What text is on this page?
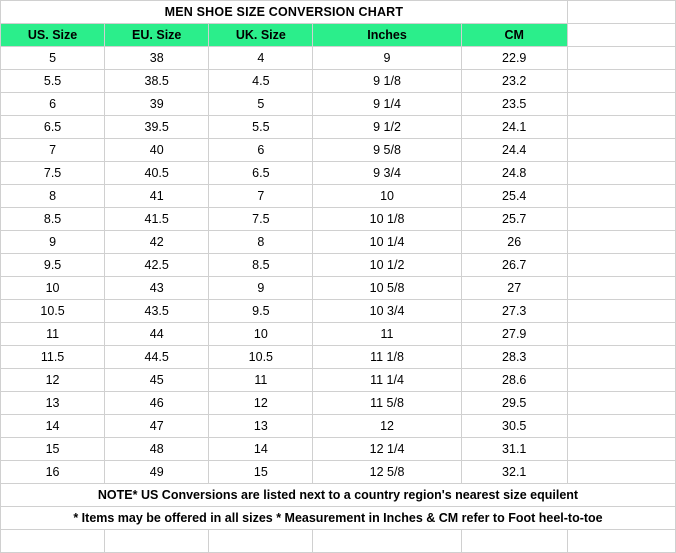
MEN SHOE SIZE CONVERSION CHART					
US. Size	EU. Size	UK. Size	Inches	CM	
5	38	4	9	22.9	
5.5	38.5	4.5	9 1/8	23.2	
6	39	5	9 1/4	23.5	
6.5	39.5	5.5	9 1/2	24.1	
7	40	6	9 5/8	24.4	
7.5	40.5	6.5	9 3/4	24.8	
8	41	7	10	25.4	
8.5	41.5	7.5	10 1/8	25.7	
9	42	8	10 1/4	26	
9.5	42.5	8.5	10 1/2	26.7	
10	43	9	10 5/8	27	
10.5	43.5	9.5	10 3/4	27.3	
11	44	10	11	27.9	
11.5	44.5	10.5	11 1/8	28.3	
12	45	11	11 1/4	28.6	
13	46	12	11 5/8	29.5	
14	47	13	12	30.5	
15	48	14	12 1/4	31.1	
16	49	15	12 5/8	32.1	
NOTE* US Conversions are listed next to a country region's nearest size equilent					
* Items may be offered in all sizes * Measurement in Inches & CM refer to Foot heel-to-toe					
